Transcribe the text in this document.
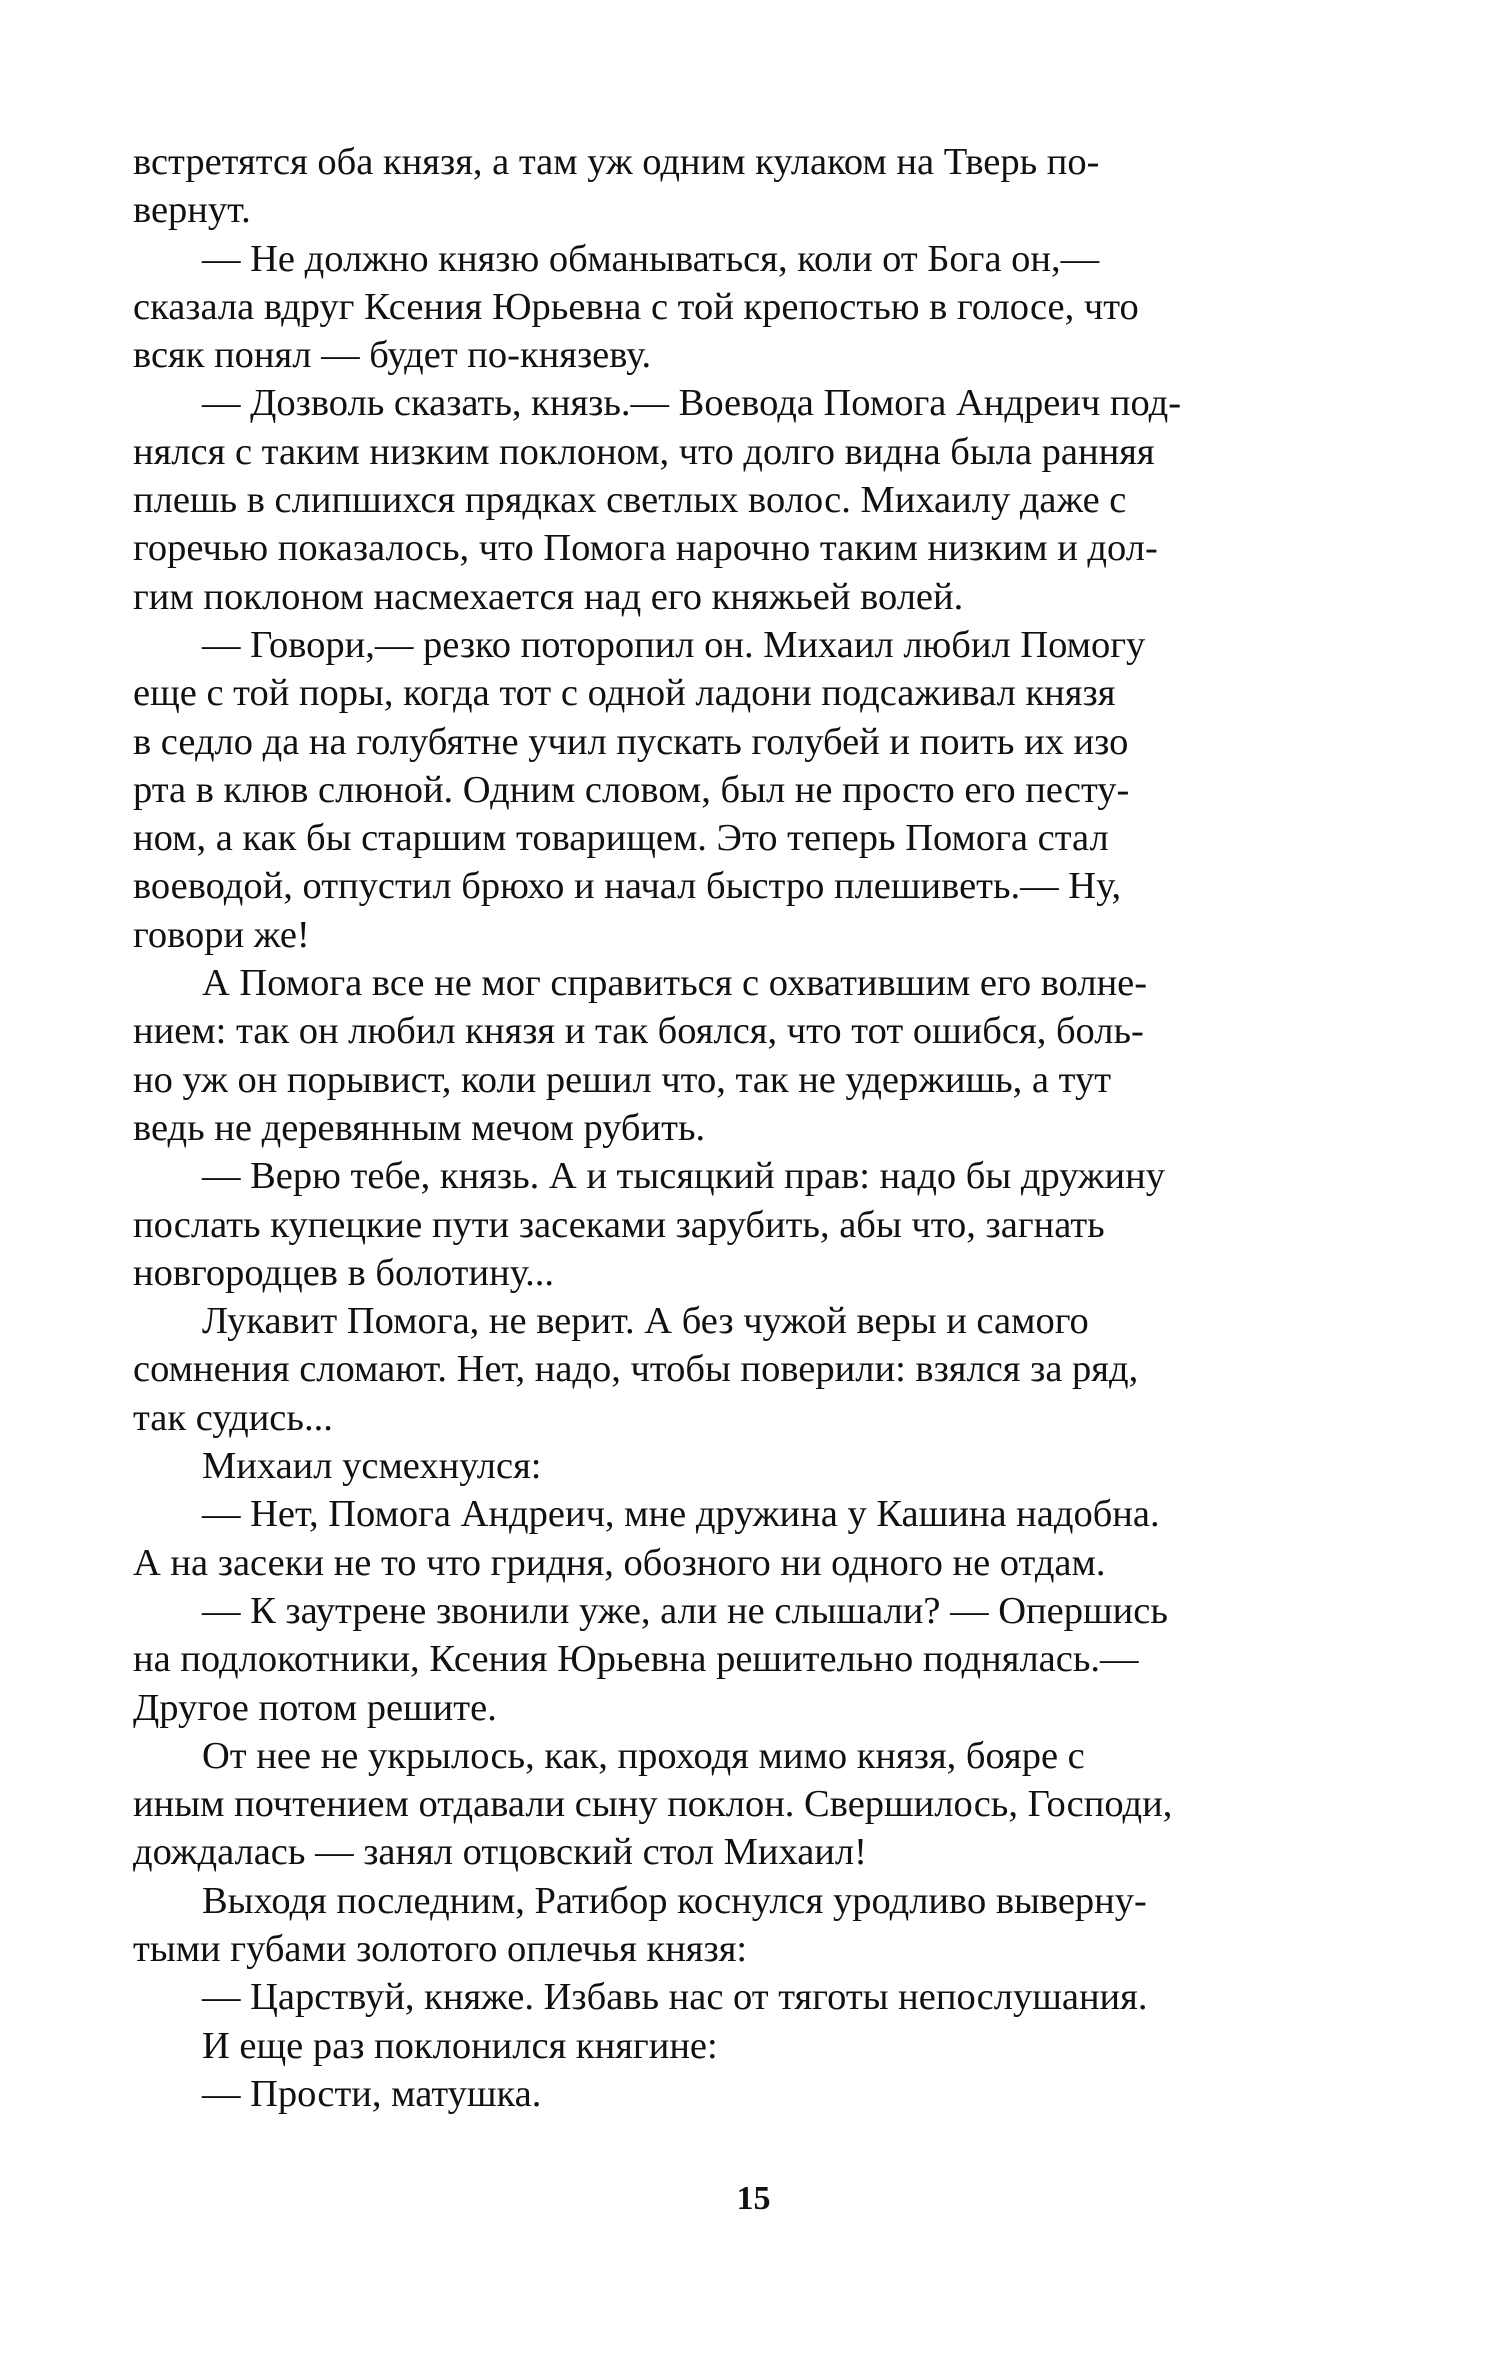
встретятся оба князя, а там уж одним кулаком на Тверь по-
вернут.

— Не должно князю обманываться, коли от Бога он,—
сказала вдруг Ксения Юрьевна с той крепостью в голосе, что
всяк понял — будет по-князеву.

— Дозволь сказать, князь.— Воевода Помога Андреич под-
нялся с таким низким поклоном, что долго видна была ранняя
плешь в слипшихся прядках светлых волос. Михаилу даже с
горечью показалось, что Помога нарочно таким низким и дол-
гим поклоном насмехается над его княжьей волей.

— Говори,— резко поторопил он. Михаил любил Помогу
еще с той поры, когда тот с одной ладони подсаживал князя
в седло да на голубятне учил пускать голубей и поить их изо
рта в клюв слюной. Одним словом, был не просто его песту-
ном, а как бы старшим товарищем. Это теперь Помога стал
воеводой, отпустил брюхо и начал быстро плешиветь.— Ну,
говори же!

А Помога все не мог справиться с охватившим его волне-
нием: так он любил князя и так боялся, что тот ошибся, боль-
но уж он порывист, коли решил что, так не удержишь, а тут
ведь не деревянным мечом рубить.

— Верю тебе, князь. А и тысяцкий прав: надо бы дружину
послать купецкие пути засеками зарубить, абы что, загнать
новгородцев в болотину...

Лукавит Помога, не верит. А без чужой веры и самого
сомнения сломают. Нет, надо, чтобы поверили: взялся за ряд,
так судись...

Михаил усмехнулся:

— Нет, Помога Андреич, мне дружина у Кашина надобна.
А на засеки не то что гридня, обозного ни одного не отдам.

— К заутрене звонили уже, али не слышали? — Опершись
на подлокотники, Ксения Юрьевна решительно поднялась.—
Другое потом решите.

От нее не укрылось, как, проходя мимо князя, бояре с
иным почтением отдавали сыну поклон. Свершилось, Господи,
дождалась — занял отцовский стол Михаил!

Выходя последним, Ратибор коснулся уродливо выверну-
тыми губами золотого оплечья князя:

— Царствуй, княже. Избавь нас от тяготы непослушания.

И еще раз поклонился княгине:

— Прости, матушка.

15
